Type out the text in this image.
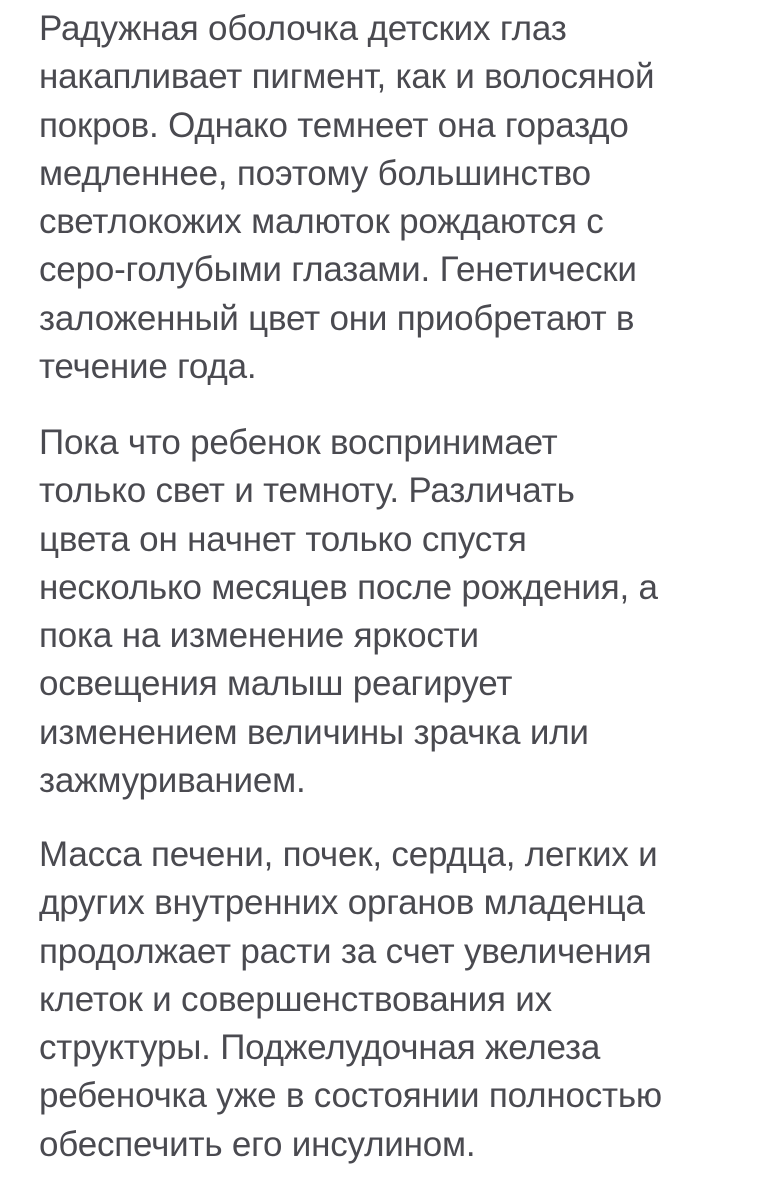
Радужная оболочка детских глаз
накапливает пигмент, как и волосяной
покров. Однако темнеет она гораздо
медленнее, поэтому большинство
светлокожих малюток рождаются с
серо-голубыми глазами. Генетически
заложенный цвет они приобретают в
течение года.

Пока что ребенок воспринимает
только свет и темноту. Различать
цвета он начнет только спустя
несколько месяцев после рождения, а
пока на изменение яркости
освещения малыш реагирует
изменением величины зрачка или
зажмуриванием.

Масса печени, почек, сердца, легких и
других внутренних органов младенца
продолжает расти за счет увеличения
клеток и совершенствования их
структуры. Поджелудочная железа
ребеночка уже в состоянии полностью
обеспечить его инсулином.
